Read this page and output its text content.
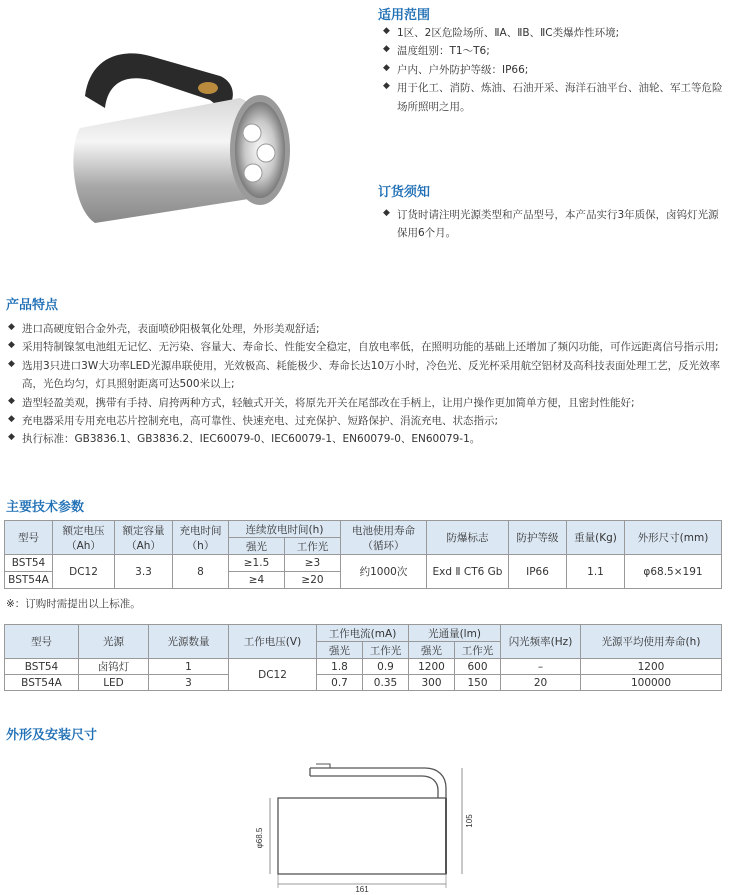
适用范围
◆ 1区、2区危险场所、ⅡA、ⅡB、ⅡC类爆炸性环境;
◆ 温度组别：T1～T6;
◆ 户内、户外防护等级：IP66;
◆ 用于化工、消防、炼油、石油开采、海洋石油平台、油轮、军工等危险场所照明之用。
订货须知
◆ 订货时请注明光源类型和产品型号，本产品实行3年质保，卤钨灯光源保用6个月。
产品特点
◆ 进口高硬度铝合金外壳，表面喷砂阳极氧化处理，外形美观舒适;
◆ 采用特制镍氢电池组无记忆、无污染、容量大、寿命长、性能安全稳定，自放电率低，在照明功能的基础上还增加了频闪功能，可作远距离信号指示用;
◆ 选用3只进口3W大功率LED光源串联使用，光效极高、耗能极少、寿命长达10万小时，冷色光、反光杯采用航空铝材及高科技表面处理工艺，反光效率高，光色均匀，灯具照射距离可达500米以上;
◆ 造型轻盈美观，携带有手持、肩挎两种方式，轻触式开关，将原先开关在尾部改在手柄上，让用户操作更加简单方便，且密封性能好;
◆ 充电器采用专用充电芯片控制充电，高可靠性、快速充电、过充保护、短路保护、涓流充电、状态指示;
◆ 执行标准：GB3836.1、GB3836.2、IEC60079-0、IEC60079-1、EN60079-0、EN60079-1。
主要技术参数
型号	额定电压（Ah）	额定容量（Ah）	充电时间（h）	连续放电时间(h)		电池使用寿命（循环）	防爆标志	防护等级	重量(Kg)	外形尺寸(mm)
				强光	工作光					
BST54	DC12	3.3	8	≥1.5	≥3	约1000次	Exd Ⅱ CT6 Gb	IP66	1.1	φ68.5×191
BST54A				≥4	≥20					
※：订购时需提出以上标准。
型号	光源	光源数量	工作电压(V)	工作电流(mA)		光通量(lm)		闪光频率(Hz)	光源平均使用寿命(h)
				强光	工作光	强光	工作光		
BST54	卤钨灯	1	DC12	1.8	0.9	1200	600	–	1200
BST54A	LED	3		0.7	0.35	300	150	20	100000
外形及安装尺寸
φ68.5
105
161
